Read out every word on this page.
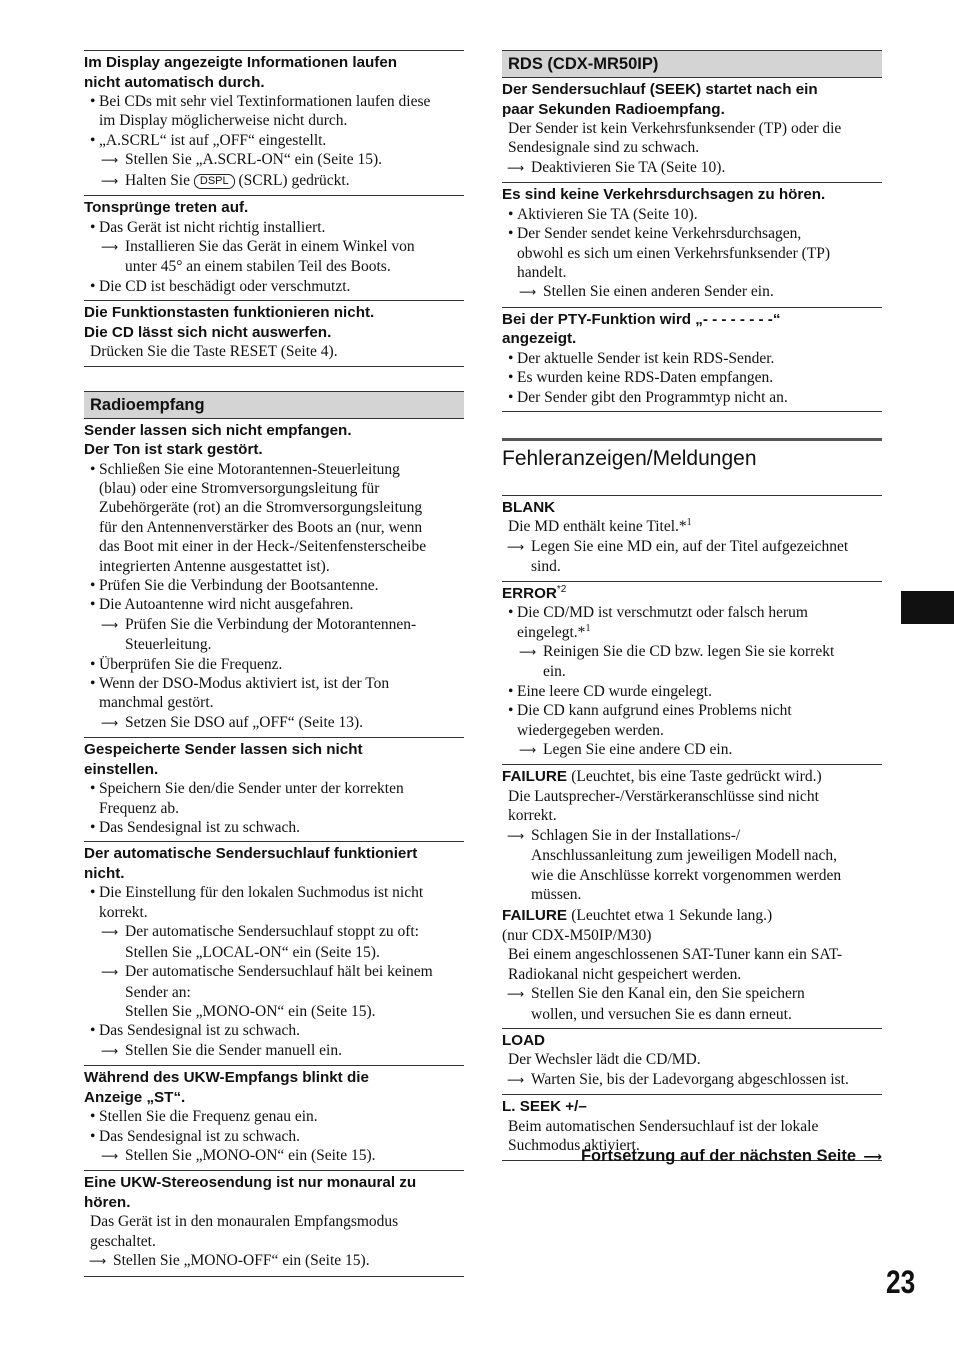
Im Display angezeigte Informationen laufen
nicht automatisch durch.
• Bei CDs mit sehr viel Textinformationen laufen diese
im Display möglicherweise nicht durch.
• „A.SCRL“ ist auf „OFF“ eingestellt.
⟶ Stellen Sie „A.SCRL-ON“ ein (Seite 15).
⟶ Halten Sie DSPL (SCRL) gedrückt.
Tonsprünge treten auf.
• Das Gerät ist nicht richtig installiert.
⟶ Installieren Sie das Gerät in einem Winkel von
unter 45° an einem stabilen Teil des Boots.
• Die CD ist beschädigt oder verschmutzt.
Die Funktionstasten funktionieren nicht.
Die CD lässt sich nicht auswerfen.
Drücken Sie die Taste RESET (Seite 4).
Radioempfang
Sender lassen sich nicht empfangen.
Der Ton ist stark gestört.
• Schließen Sie eine Motorantennen-Steuerleitung
(blau) oder eine Stromversorgungsleitung für
Zubehörgeräte (rot) an die Stromversorgungsleitung
für den Antennenverstärker des Boots an (nur, wenn
das Boot mit einer in der Heck-/Seitenfensterscheibe
integrierten Antenne ausgestattet ist).
• Prüfen Sie die Verbindung der Bootsantenne.
• Die Autoantenne wird nicht ausgefahren.
⟶ Prüfen Sie die Verbindung der Motorantennen-
Steuerleitung.
• Überprüfen Sie die Frequenz.
• Wenn der DSO-Modus aktiviert ist, ist der Ton
manchmal gestört.
⟶ Setzen Sie DSO auf „OFF“ (Seite 13).
Gespeicherte Sender lassen sich nicht
einstellen.
• Speichern Sie den/die Sender unter der korrekten
Frequenz ab.
• Das Sendesignal ist zu schwach.
Der automatische Sendersuchlauf funktioniert
nicht.
• Die Einstellung für den lokalen Suchmodus ist nicht
korrekt.
⟶ Der automatische Sendersuchlauf stoppt zu oft:
Stellen Sie „LOCAL-ON“ ein (Seite 15).
⟶ Der automatische Sendersuchlauf hält bei keinem
Sender an:
Stellen Sie „MONO-ON“ ein (Seite 15).
• Das Sendesignal ist zu schwach.
⟶ Stellen Sie die Sender manuell ein.
Während des UKW-Empfangs blinkt die
Anzeige „ST“.
• Stellen Sie die Frequenz genau ein.
• Das Sendesignal ist zu schwach.
⟶ Stellen Sie „MONO-ON“ ein (Seite 15).
Eine UKW-Stereosendung ist nur monaural zu
hören.
Das Gerät ist in den monauralen Empfangsmodus
geschaltet.
⟶ Stellen Sie „MONO-OFF“ ein (Seite 15).
RDS (CDX-MR50IP)
Der Sendersuchlauf (SEEK) startet nach ein
paar Sekunden Radioempfang.
Der Sender ist kein Verkehrsfunksender (TP) oder die
Sendesignale sind zu schwach.
⟶ Deaktivieren Sie TA (Seite 10).
Es sind keine Verkehrsdurchsagen zu hören.
• Aktivieren Sie TA (Seite 10).
• Der Sender sendet keine Verkehrsdurchsagen,
obwohl es sich um einen Verkehrsfunksender (TP)
handelt.
⟶ Stellen Sie einen anderen Sender ein.
Bei der PTY-Funktion wird „- - - - - - - -“
angezeigt.
• Der aktuelle Sender ist kein RDS-Sender.
• Es wurden keine RDS-Daten empfangen.
• Der Sender gibt den Programmtyp nicht an.
Fehleranzeigen/Meldungen
BLANK
Die MD enthält keine Titel.*$^1$
⟶ Legen Sie eine MD ein, auf der Titel aufgezeichnet
sind.
ERROR$^{*2}$
• Die CD/MD ist verschmutzt oder falsch herum
eingelegt.*$^1$
⟶ Reinigen Sie die CD bzw. legen Sie sie korrekt
ein.
• Eine leere CD wurde eingelegt.
• Die CD kann aufgrund eines Problems nicht
wiedergegeben werden.
⟶ Legen Sie eine andere CD ein.
FAILURE (Leuchtet, bis eine Taste gedrückt wird.)
Die Lautsprecher-/Verstärkeranschlüsse sind nicht
korrekt.
⟶ Schlagen Sie in der Installations-/
Anschlussanleitung zum jeweiligen Modell nach,
wie die Anschlüsse korrekt vorgenommen werden
müssen.
FAILURE (Leuchtet etwa 1 Sekunde lang.)
(nur CDX-M50IP/M30)
Bei einem angeschlossenen SAT-Tuner kann ein SAT-
Radiokanal nicht gespeichert werden.
⟶ Stellen Sie den Kanal ein, den Sie speichern
wollen, und versuchen Sie es dann erneut.
LOAD
Der Wechsler lädt die CD/MD.
⟶ Warten Sie, bis der Ladevorgang abgeschlossen ist.
L. SEEK +/–
Beim automatischen Sendersuchlauf ist der lokale
Suchmodus aktiviert.
Fortsetzung auf der nächsten Seite ⟶
23
